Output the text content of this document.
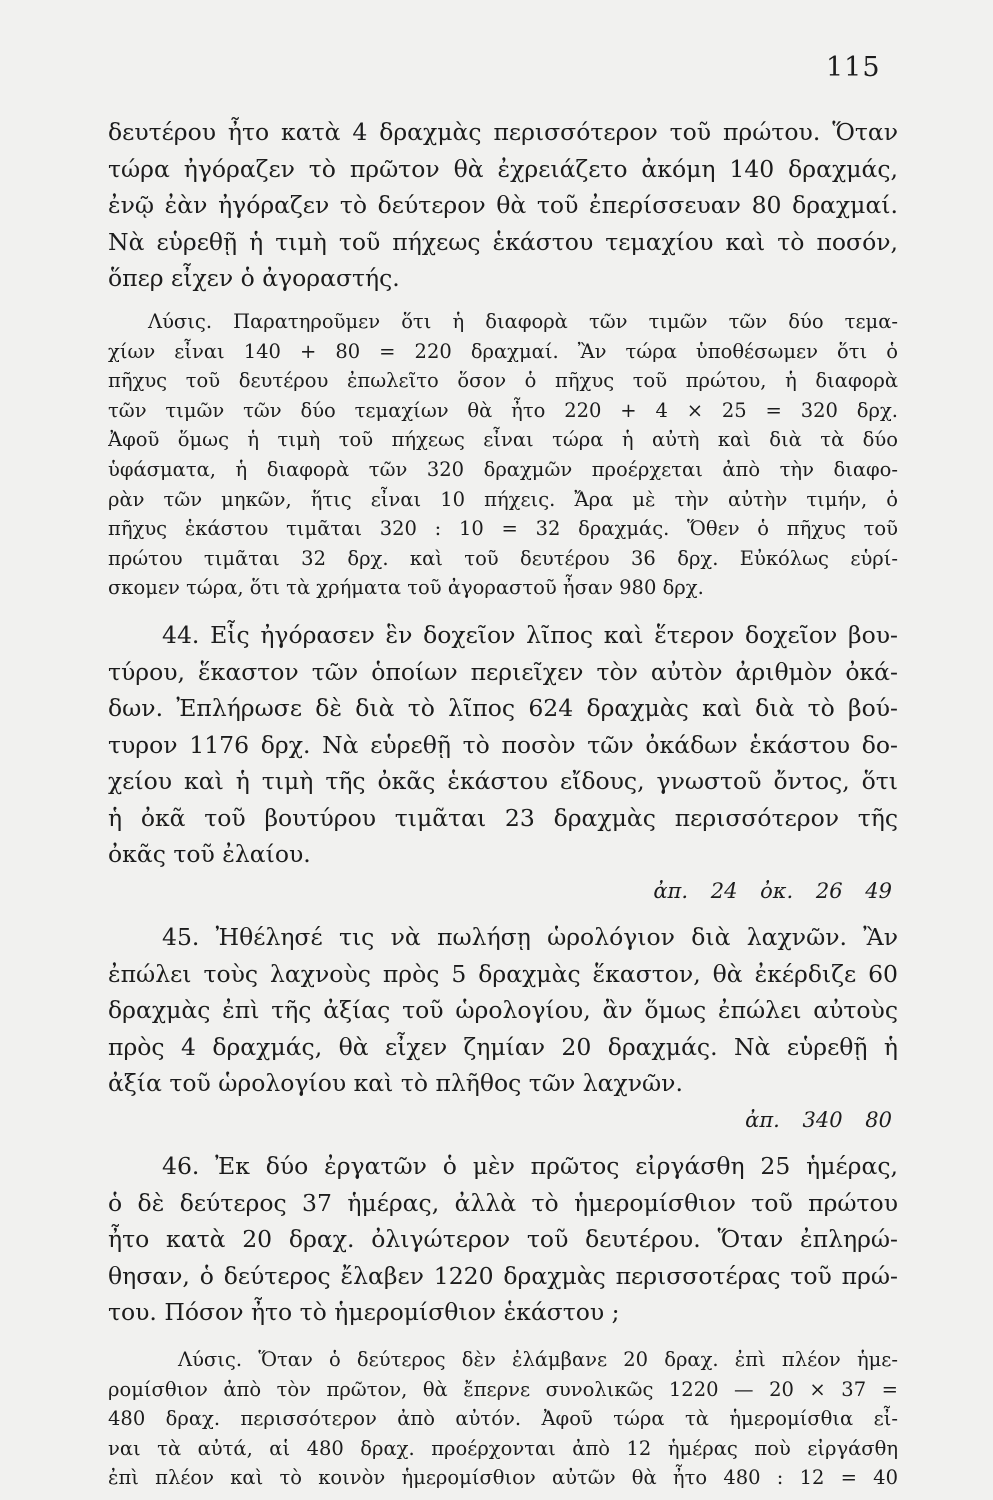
115
δευτέρου ἦτο κατὰ 4 δραχμὰς περισσότερον τοῦ πρώτου. Ὅταν
τώρα ἠγόραζεν τὸ πρῶτον θὰ ἐχρειάζετο ἀκόμη 140 δραχμάς,
ἐνῷ ἐὰν ἠγόραζεν τὸ δεύτερον θὰ τοῦ ἐπερίσσευαν 80 δραχμαί.
Νὰ εὑρεθῇ ἡ τιμὴ τοῦ πήχεως ἑκάστου τεμαχίου καὶ τὸ ποσόν,
ὅπερ εἶχεν ὁ ἀγοραστής.
Λύσις. Παρατηροῦμεν ὅτι ἡ διαφορὰ τῶν τιμῶν τῶν δύο τεμα-
χίων εἶναι 140 + 80 = 220 δραχμαί. Ἂν τώρα ὑποθέσωμεν ὅτι ὁ
πῆχυς τοῦ δευτέρου ἐπωλεῖτο ὅσον ὁ πῆχυς τοῦ πρώτου, ἡ διαφορὰ
τῶν τιμῶν τῶν δύο τεμαχίων θὰ ἦτο 220 + 4 × 25 = 320 δρχ.
Ἀφοῦ ὅμως ἡ τιμὴ τοῦ πήχεως εἶναι τώρα ἡ αὐτὴ καὶ διὰ τὰ δύο
ὑφάσματα, ἡ διαφορὰ τῶν 320 δραχμῶν προέρχεται ἀπὸ τὴν διαφο-
ρὰν τῶν μηκῶν, ἥτις εἶναι 10 πήχεις. Ἄρα μὲ τὴν αὐτὴν τιμήν, ὁ
πῆχυς ἑκάστου τιμᾶται 320 : 10 = 32 δραχμάς. Ὅθεν ὁ πῆχυς τοῦ
πρώτου τιμᾶται 32 δρχ. καὶ τοῦ δευτέρου 36 δρχ. Εὐκόλως εὑρί-
σκομεν τώρα, ὅτι τὰ χρήματα τοῦ ἀγοραστοῦ ἦσαν 980 δρχ.
44. Εἷς ἠγόρασεν ἓν δοχεῖον λῖπος καὶ ἕτερον δοχεῖον βου-
τύρου, ἕκαστον τῶν ὁποίων περιεῖχεν τὸν αὐτὸν ἀριθμὸν ὀκά-
δων. Ἐπλήρωσε δὲ διὰ τὸ λῖπος 624 δραχμὰς καὶ διὰ τὸ βού-
τυρον 1176 δρχ. Νὰ εὑρεθῇ τὸ ποσὸν τῶν ὀκάδων ἑκάστου δο-
χείου καὶ ἡ τιμὴ τῆς ὀκᾶς ἑκάστου εἴδους, γνωστοῦ ὄντος, ὅτι
ἡ ὀκᾶ τοῦ βουτύρου τιμᾶται 23 δραχμὰς περισσότερον τῆς
ὀκᾶς τοῦ ἐλαίου.
ἀπ. 24 ὀκ. 26 49
45. Ἠθέλησέ τις νὰ πωλήσῃ ὡρολόγιον διὰ λαχνῶν. Ἂν
ἐπώλει τοὺς λαχνοὺς πρὸς 5 δραχμὰς ἕκαστον, θὰ ἐκέρδιζε 60
δραχμὰς ἐπὶ τῆς ἀξίας τοῦ ὡρολογίου, ἂν ὅμως ἐπώλει αὐτοὺς
πρὸς 4 δραχμάς, θὰ εἶχεν ζημίαν 20 δραχμάς. Νὰ εὑρεθῇ ἡ
ἀξία τοῦ ὡρολογίου καὶ τὸ πλῆθος τῶν λαχνῶν.
ἀπ. 340 80
46. Ἐκ δύο ἐργατῶν ὁ μὲν πρῶτος εἰργάσθη 25 ἡμέρας,
ὁ δὲ δεύτερος 37 ἡμέρας, ἀλλὰ τὸ ἡμερομίσθιον τοῦ πρώτου
ἦτο κατὰ 20 δραχ. ὀλιγώτερον τοῦ δευτέρου. Ὅταν ἐπληρώ-
θησαν, ὁ δεύτερος ἔλαβεν 1220 δραχμὰς περισσοτέρας τοῦ πρώ-
του. Πόσον ἦτο τὸ ἡμερομίσθιον ἑκάστου ;
Λύσις. Ὅταν ὁ δεύτερος δὲν ἐλάμβανε 20 δραχ. ἐπὶ πλέον ἡμε-
ρομίσθιον ἀπὸ τὸν πρῶτον, θὰ ἔπερνε συνολικῶς 1220 — 20 × 37 =
480 δραχ. περισσότερον ἀπὸ αὐτόν. Ἀφοῦ τώρα τὰ ἡμερομίσθια εἶ-
ναι τὰ αὐτά, αἱ 480 δραχ. προέρχονται ἀπὸ 12 ἡμέρας ποὺ εἰργάσθη
ἐπὶ πλέον καὶ τὸ κοινὸν ἡμερομίσθιον αὐτῶν θὰ ἦτο 480 : 12 = 40
